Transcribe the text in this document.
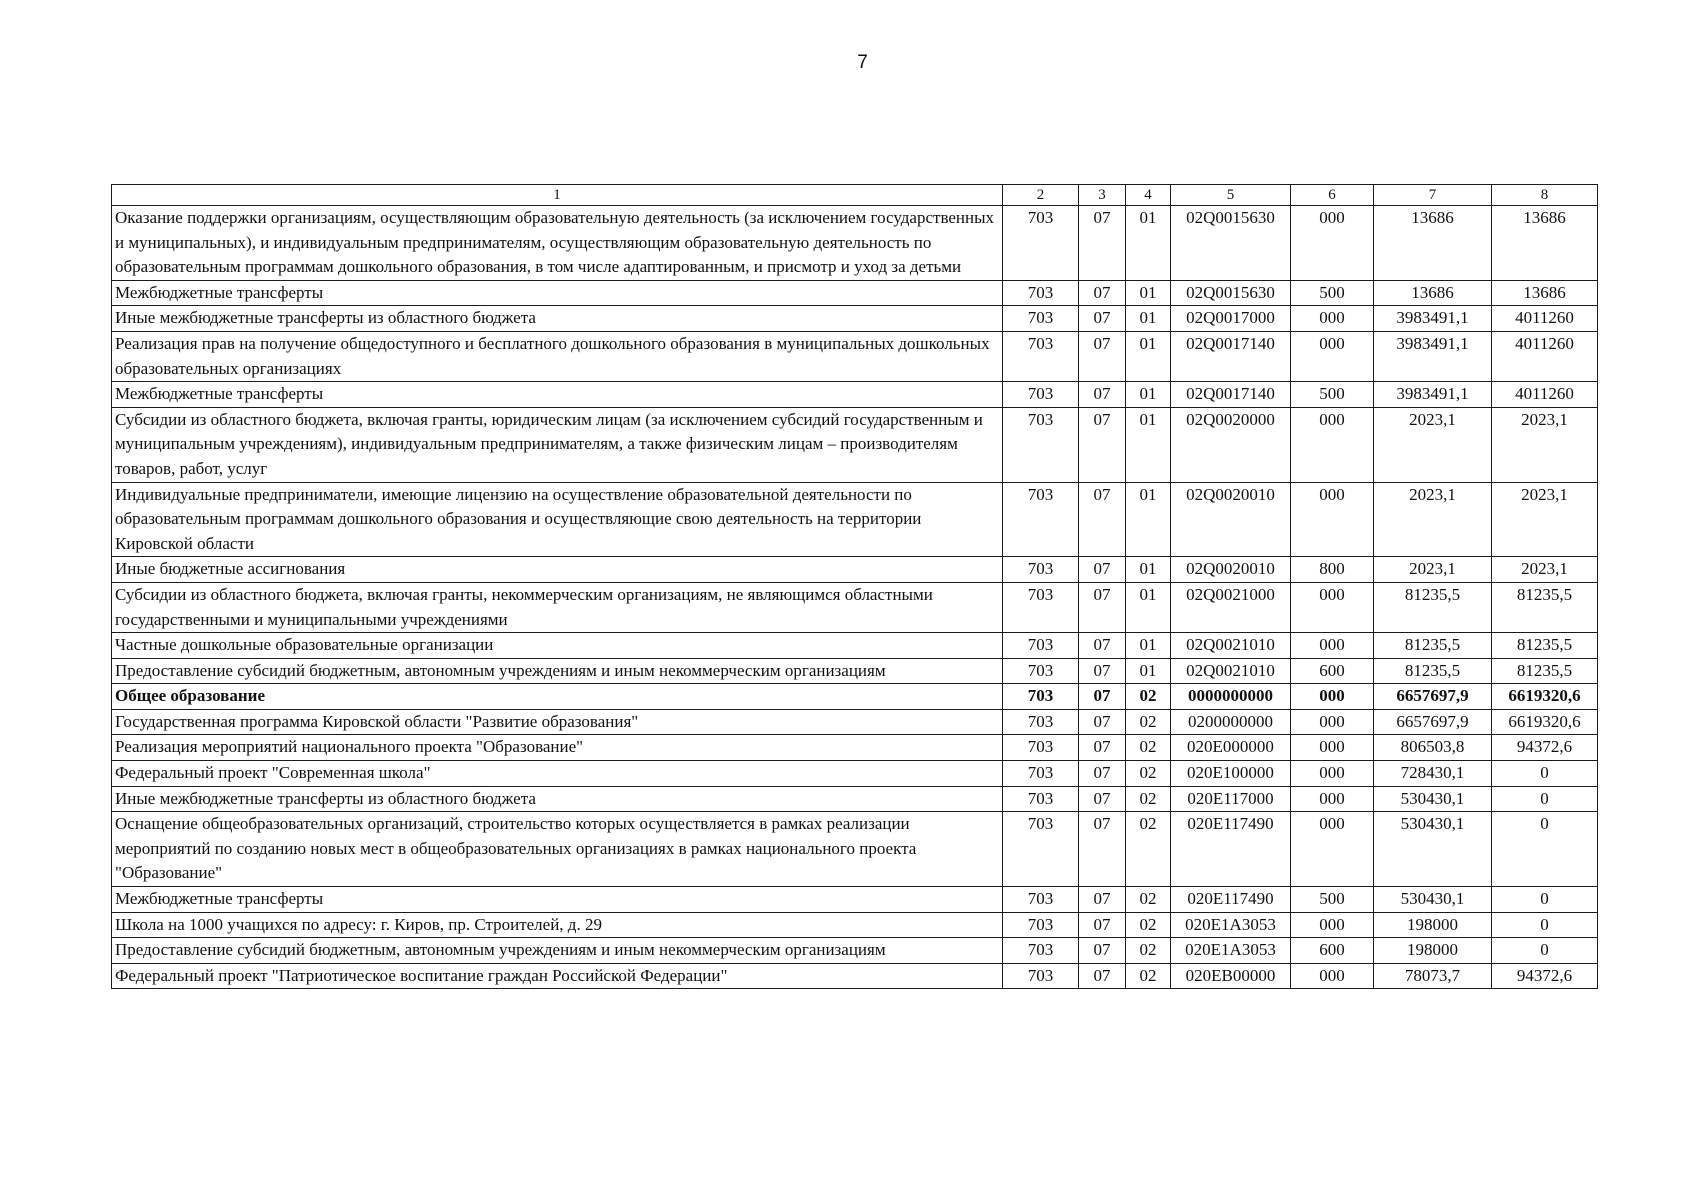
7
1	2	3	4	5	6	7	8
Оказание поддержки организациям, осуществляющим образовательную деятельность (за исключением государственных и муниципальных), и индивидуальным предпринимателям, осуществляющим образовательную деятельность по образовательным программам дошкольного образования, в том числе адаптированным, и присмотр и уход за детьми	703	07	01	02Q0015630	000	13686	13686
Межбюджетные трансферты	703	07	01	02Q0015630	500	13686	13686
Иные межбюджетные трансферты из областного бюджета	703	07	01	02Q0017000	000	3983491,1	4011260
Реализация прав на получение общедоступного и бесплатного дошкольного образования в муниципальных дошкольных образовательных организациях	703	07	01	02Q0017140	000	3983491,1	4011260
Межбюджетные трансферты	703	07	01	02Q0017140	500	3983491,1	4011260
Субсидии из областного бюджета, включая гранты, юридическим лицам (за исключением субсидий государственным и муниципальным учреждениям), индивидуальным предпринимателям, а также физическим лицам – производителям товаров, работ, услуг	703	07	01	02Q0020000	000	2023,1	2023,1
Индивидуальные предприниматели, имеющие лицензию на осуществление образовательной деятельности по образовательным программам дошкольного образования и осуществляющие свою деятельность на территории Кировской области	703	07	01	02Q0020010	000	2023,1	2023,1
Иные бюджетные ассигнования	703	07	01	02Q0020010	800	2023,1	2023,1
Субсидии из областного бюджета, включая гранты, некоммерческим организациям, не являющимся областными государственными и муниципальными учреждениями	703	07	01	02Q0021000	000	81235,5	81235,5
Частные дошкольные образовательные организации	703	07	01	02Q0021010	000	81235,5	81235,5
Предоставление субсидий бюджетным, автономным учреждениям и иным некоммерческим организациям	703	07	01	02Q0021010	600	81235,5	81235,5
Общее образование	703	07	02	0000000000	000	6657697,9	6619320,6
Государственная программа Кировской области "Развитие образования"	703	07	02	0200000000	000	6657697,9	6619320,6
Реализация мероприятий национального проекта "Образование"	703	07	02	020E000000	000	806503,8	94372,6
Федеральный проект "Современная школа"	703	07	02	020E100000	000	728430,1	0
Иные межбюджетные трансферты из областного бюджета	703	07	02	020E117000	000	530430,1	0
Оснащение общеобразовательных организаций, строительство которых осуществляется в рамках реализации мероприятий по созданию новых мест в общеобразовательных организациях в рамках национального проекта "Образование"	703	07	02	020E117490	000	530430,1	0
Межбюджетные трансферты	703	07	02	020E117490	500	530430,1	0
Школа на 1000 учащихся по адресу: г. Киров, пр. Строителей, д. 29	703	07	02	020E1A3053	000	198000	0
Предоставление субсидий бюджетным, автономным учреждениям и иным некоммерческим организациям	703	07	02	020E1A3053	600	198000	0
Федеральный проект "Патриотическое воспитание граждан Российской Федерации"	703	07	02	020EB00000	000	78073,7	94372,6
